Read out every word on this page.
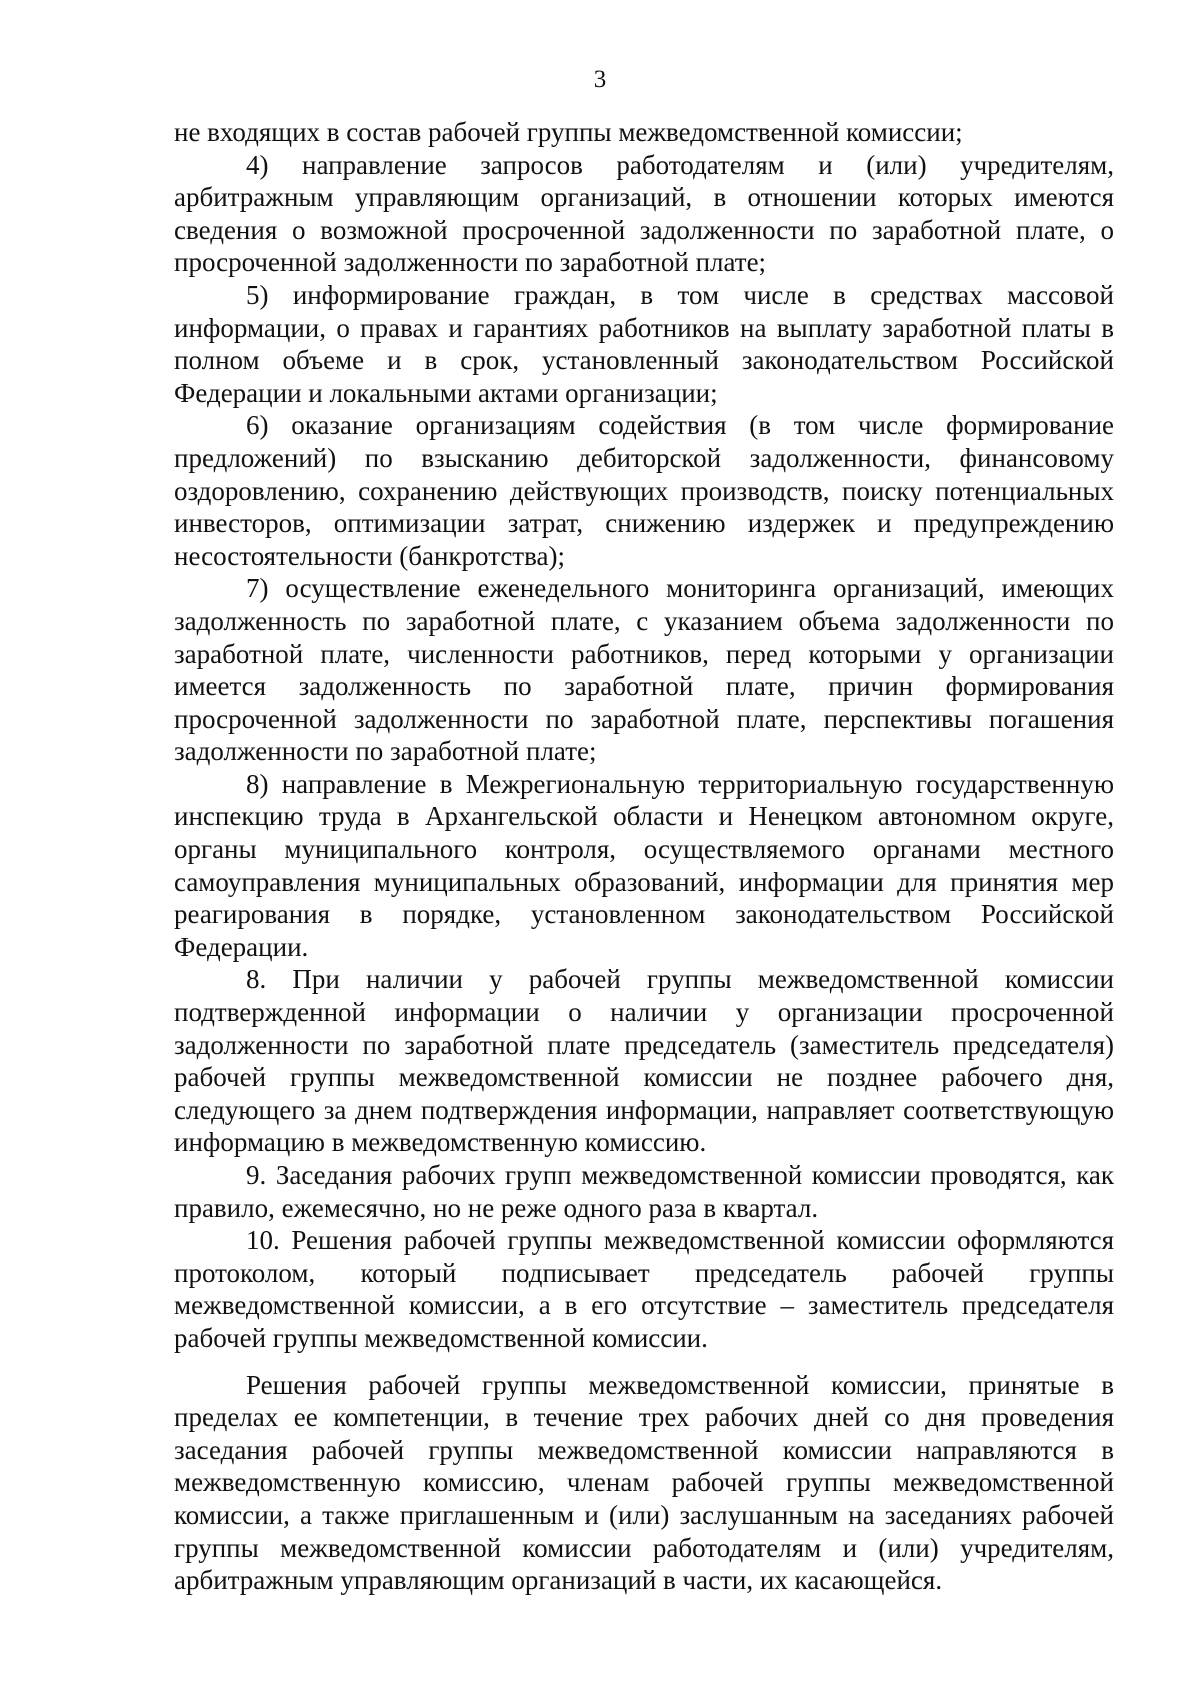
3

не входящих в состав рабочей группы межведомственной комиссии;

4) направление запросов работодателям и (или) учредителям, арбитражным управляющим организаций, в отношении которых имеются сведения о возможной просроченной задолженности по заработной плате, о просроченной задолженности по заработной плате;

5) информирование граждан, в том числе в средствах массовой информации, о правах и гарантиях работников на выплату заработной платы в полном объеме и в срок, установленный законодательством Российской Федерации и локальными актами организации;

6) оказание организациям содействия (в том числе формирование предложений) по взысканию дебиторской задолженности, финансовому оздоровлению, сохранению действующих производств, поиску потенциальных инвесторов, оптимизации затрат, снижению издержек и предупреждению несостоятельности (банкротства);

7) осуществление еженедельного мониторинга организаций, имеющих задолженность по заработной плате, с указанием объема задолженности по заработной плате, численности работников, перед которыми у организации имеется задолженность по заработной плате, причин формирования просроченной задолженности по заработной плате, перспективы погашения задолженности по заработной плате;

8) направление в Межрегиональную территориальную государственную инспекцию труда в Архангельской области и Ненецком автономном округе, органы муниципального контроля, осуществляемого органами местного самоуправления муниципальных образований, информации для принятия мер реагирования в порядке, установленном законодательством Российской Федерации.

8. При наличии у рабочей группы межведомственной комиссии подтвержденной информации о наличии у организации просроченной задолженности по заработной плате председатель (заместитель председателя) рабочей группы межведомственной комиссии не позднее рабочего дня, следующего за днем подтверждения информации, направляет соответствующую информацию в межведомственную комиссию.

9. Заседания рабочих групп межведомственной комиссии проводятся, как правило, ежемесячно, но не реже одного раза в квартал.

10. Решения рабочей группы межведомственной комиссии оформляются протоколом, который подписывает председатель рабочей группы межведомственной комиссии, а в его отсутствие – заместитель председателя рабочей группы межведомственной комиссии.

Решения рабочей группы межведомственной комиссии, принятые в пределах ее компетенции, в течение трех рабочих дней со дня проведения заседания рабочей группы межведомственной комиссии направляются в межведомственную комиссию, членам рабочей группы межведомственной комиссии, а также приглашенным и (или) заслушанным на заседаниях рабочей группы межведомственной комиссии работодателям и (или) учредителям, арбитражным управляющим организаций в части, их касающейся.
